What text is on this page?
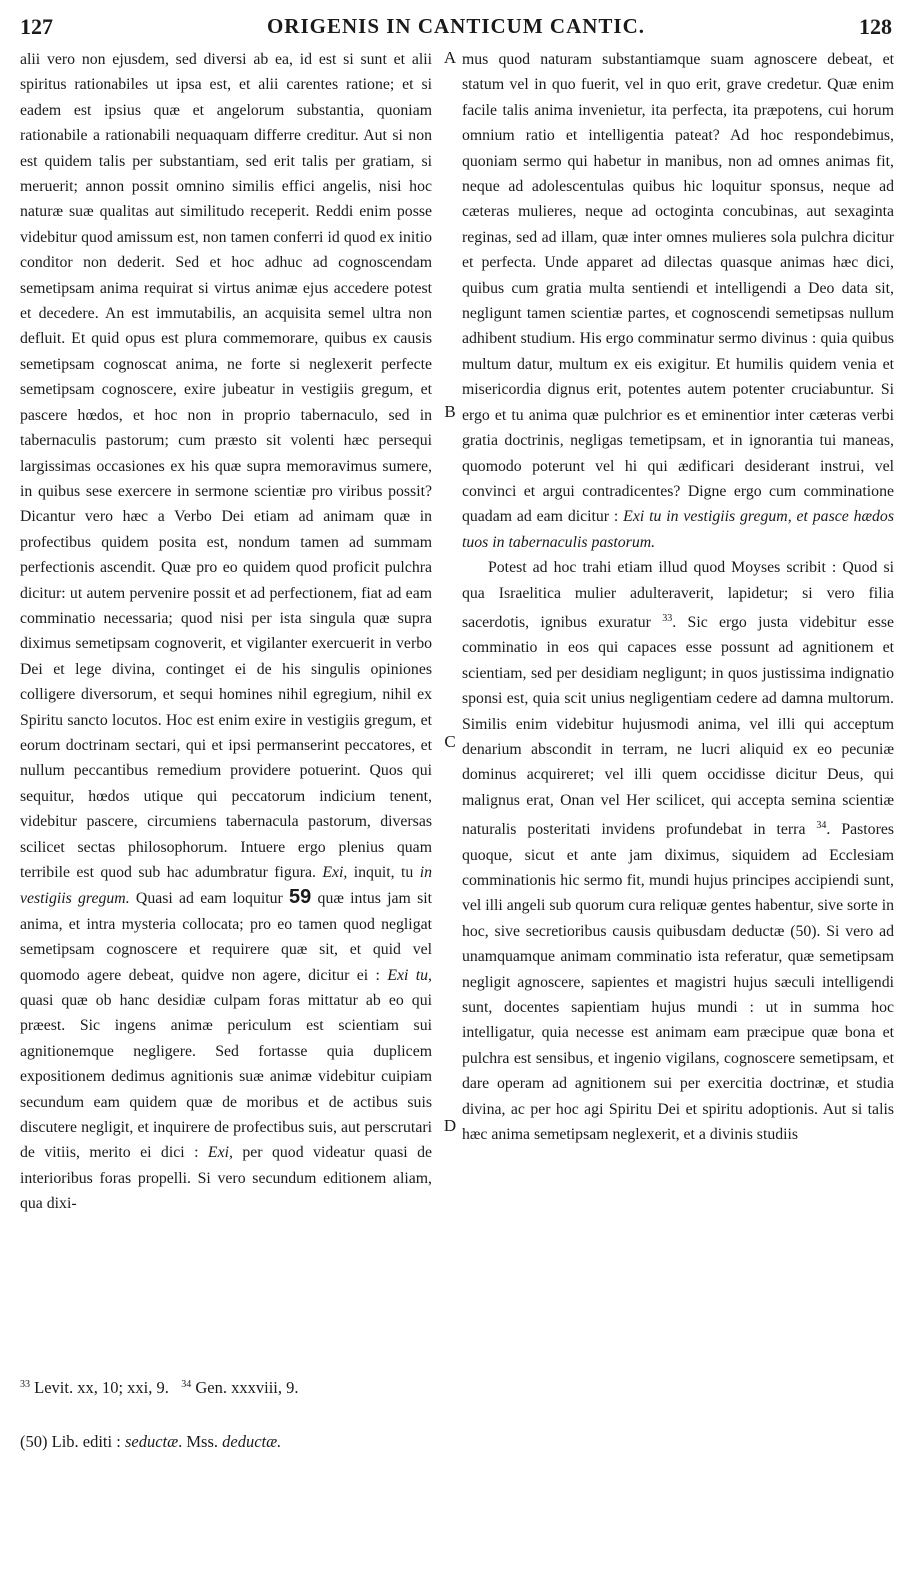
127	ORIGENIS IN CANTICUM CANTIC.	128
A
B
C
D

alii vero non ejusdem, sed diversi ab ea, id est si sunt et alii spiritus rationabiles ut ipsa est, et alii carentes ratione; et si eadem est ipsius quæ et angelorum substantia, quoniam rationabile a rationabili nequaquam differre creditur. Aut si non est quidem talis per substantiam, sed erit talis per gratiam, si meruerit; annon possit omnino similis effici angelis, nisi hoc naturæ suæ qualitas aut similitudo receperit. Reddi enim posse videbitur quod amissum est, non tamen conferri id quod ex initio conditor non dederit. Sed et hoc adhuc ad cognoscendam semetipsam anima requirat si virtus animæ ejus accedere potest et decedere. An est immutabilis, an acquisita semel ultra non defluit. Et quid opus est plura commemorare, quibus ex causis semetipsam cognoscat anima, ne forte si neglexerit perfecte semetipsam cognoscere, exire jubeatur in vestigiis gregum, et pascere hœdos, et hoc non in proprio tabernaculo, sed in tabernaculis pastorum; cum præsto sit volenti hæc persequi largissimas occasiones ex his quæ supra memoravimus sumere, in quibus sese exercere in sermone scientiæ pro viribus possit? Dicantur vero hæc a Verbo Dei etiam ad animam quæ in profectibus quidem posita est, nondum tamen ad summam perfectionis ascendit. Quæ pro eo quidem quod proficit pulchra dicitur: ut autem pervenire possit et ad perfectionem, fiat ad eam comminatio necessaria; quod nisi per ista singula quæ supra diximus semetipsam cognoverit, et vigilanter exercuerit in verbo Dei et lege divina, continget ei de his singulis opiniones colligere diversorum, et sequi homines nihil egregium, nihil ex Spiritu sancto locutos. Hoc est enim exire in vestigiis gregum, et eorum doctrinam sectari, qui et ipsi permanserint peccatores, et nullum peccantibus remedium providere potuerint. Quos qui sequitur, hœdos utique qui peccatorum indicium tenent, videbitur pascere, circumiens tabernacula pastorum, diversas scilicet sectas philosophorum. Intuere ergo plenius quam terribile est quod sub hac adumbratur figura. Exi, inquit, tu in vestigiis gregum. Quasi ad eam loquitur 59 quæ intus jam sit anima, et intra mysteria collocata; pro eo tamen quod negligat semetipsam cognoscere et requirere quæ sit, et quid vel quomodo agere debeat, quidve non agere, dicitur ei : Exi tu, quasi quæ ob hanc desidiæ culpam foras mittatur ab eo qui præest. Sic ingens animæ periculum est scientiam sui agnitionemque negligere. Sed fortasse quia duplicem expositionem dedimus agnitionis suæ animæ videbitur cuipiam secundum eam quidem quæ de moribus et de actibus suis discutere negligit, et inquirere de profectibus suis, aut perscrutari de vitiis, merito ei dici : Exi, per quod videatur quasi de interioribus foras propelli. Si vero secundum editionem aliam, qua dixi-

mus quod naturam substantiamque suam agnoscere debeat, et statum vel in quo fuerit, vel in quo erit, grave credetur. Quæ enim facile talis anima invenietur, ita perfecta, ita præpotens, cui horum omnium ratio et intelligentia pateat? Ad hoc respondebimus, quoniam sermo qui habetur in manibus, non ad omnes animas fit, neque ad adolescentulas quibus hic loquitur sponsus, neque ad cæteras mulieres, neque ad octoginta concubinas, aut sexaginta reginas, sed ad illam, quæ inter omnes mulieres sola pulchra dicitur et perfecta. Unde apparet ad dilectas quasque animas hæc dici, quibus cum gratia multa sentiendi et intelligendi a Deo data sit, negligunt tamen scientiæ partes, et cognoscendi semetipsas nullum adhibent studium. His ergo comminatur sermo divinus : quia quibus multum datur, multum ex eis exigitur. Et humilis quidem venia et misericordia dignus erit, potentes autem potenter cruciabuntur. Si ergo et tu anima quæ pulchrior es et eminentior inter cæteras verbi gratia doctrinis, negligas temetipsam, et in ignorantia tui maneas, quomodo poterunt vel hi qui ædificari desiderant instrui, vel convinci et argui contradicentes? Digne ergo cum comminatione quadam ad eam dicitur : Exi tu in vestigiis gregum, et pasce hædos tuos in tabernaculis pastorum.

Potest ad hoc trahi etiam illud quod Moyses scribit : Quod si qua Israelitica mulier adulteraverit, lapidetur; si vero filia sacerdotis, ignibus exuratur $^{33}$. Sic ergo justa videbitur esse comminatio in eos qui capaces esse possunt ad agnitionem et scientiam, sed per desidiam negligunt; in quos justissima indignatio sponsi est, quia scit unius negligentiam cedere ad damna multorum. Similis enim videbitur hujusmodi anima, vel illi qui acceptum denarium abscondit in terram, ne lucri aliquid ex eo pecuniæ dominus acquireret; vel illi quem occidisse dicitur Deus, qui malignus erat, Onan vel Her scilicet, qui accepta semina scientiæ naturalis posteritati invidens profundebat in terra $^{34}$. Pastores quoque, sicut et ante jam diximus, siquidem ad Ecclesiam comminationis hic sermo fit, mundi hujus principes accipiendi sunt, vel illi angeli sub quorum cura reliquæ gentes habentur, sive sorte in hoc, sive secretioribus causis quibusdam deductæ (50). Si vero ad unamquamque animam comminatio ista referatur, quæ semetipsam negligit agnoscere, sapientes et magistri hujus sæculi intelligendi sunt, docentes sapientiam hujus mundi : ut in summa hoc intelligatur, quia necesse est animam eam præcipue quæ bona et pulchra est sensibus, et ingenio vigilans, cognoscere semetipsam, et dare operam ad agnitionem sui per exercitia doctrinæ, et studia divina, ac per hoc agi Spiritu Dei et spiritu adoptionis. Aut si talis hæc anima semetipsam neglexerit, et a divinis studiis

$^{33}$ Levit. xx, 10; xxi, 9. $^{34}$ Gen. xxxviii, 9.
(50) Lib. editi : seductæ. Mss. deductæ.
